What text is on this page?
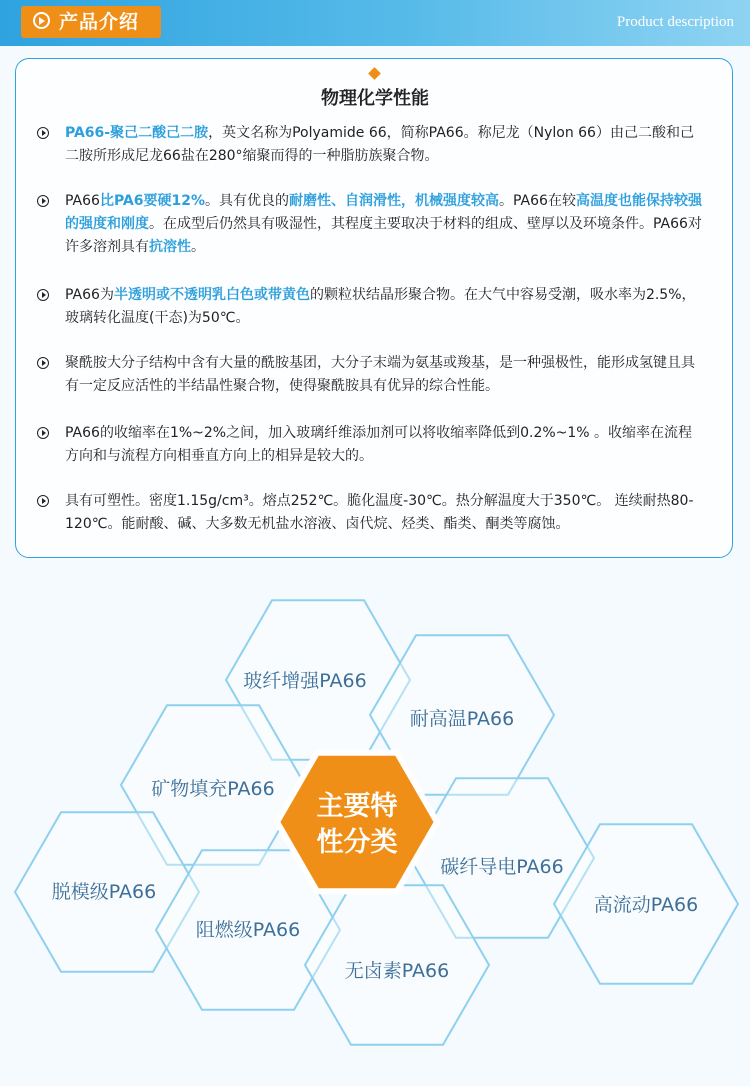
产品介绍	Product description
物理化学性能
PA66-聚己二酸己二胺，英文名称为Polyamide 66，简称PA66。称尼龙（Nylon 66）由己二酸和己二胺所形成尼龙66盐在280°缩聚而得的一种脂肪族聚合物。
PA66比PA6要硬12%。具有优良的耐磨性、自润滑性，机械强度较高。PA66在较高温度也能保持较强的强度和刚度。在成型后仍然具有吸湿性，其程度主要取决于材料的组成、壁厚以及环境条件。PA66对许多溶剂具有抗溶性。
PA66为半透明或不透明乳白色或带黄色的颗粒状结晶形聚合物。在大气中容易受潮，吸水率为2.5%，玻璃转化温度(干态)为50℃。
聚酰胺大分子结构中含有大量的酰胺基团，大分子末端为氨基或羧基，是一种强极性，能形成氢键且具有一定反应活性的半结晶性聚合物，使得聚酰胺具有优异的综合性能。
PA66的收缩率在1%~2%之间，加入玻璃纤维添加剂可以将收缩率降低到0.2%~1% 。收缩率在流程方向和与流程方向相垂直方向上的相异是较大的。
具有可塑性。密度1.15g/cm³。熔点252℃。脆化温度-30℃。热分解温度大于350℃。 连续耐热80-120℃。能耐酸、碱、大多数无机盐水溶液、卤代烷、烃类、酯类、酮类等腐蚀。
玻纤增强PA66
耐高温PA66
矿物填充PA66
碳纤导电PA66
脱模级PA66
高流动PA66
阻燃级PA66
无卤素PA66
主要特
性分类
